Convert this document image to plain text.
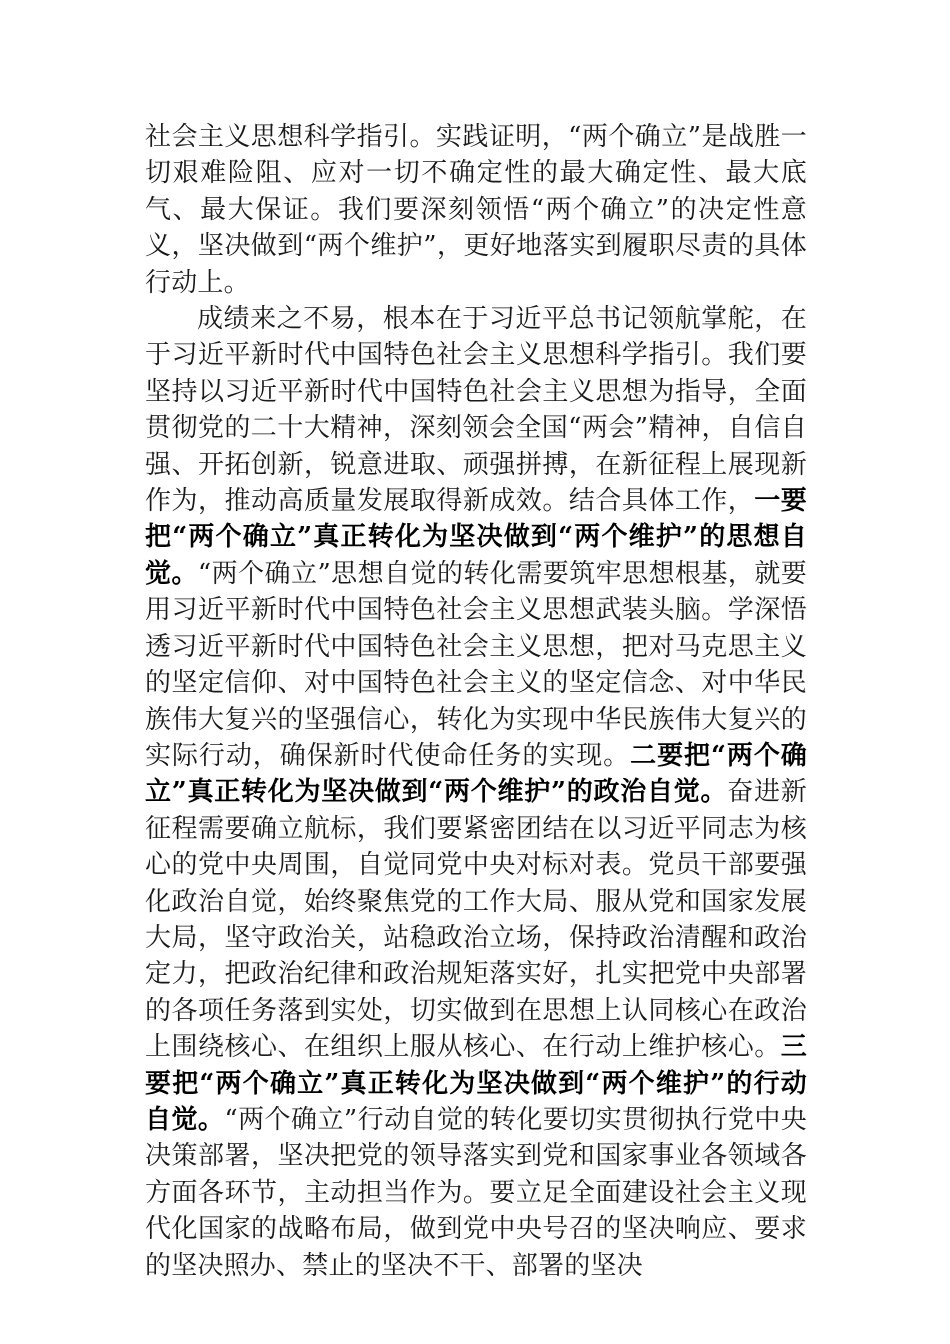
社会主义思想科学指引。实践证明，“两个确立”是战胜一切艰难险阻、应对一切不确定性的最大确定性、最大底气、最大保证。我们要深刻领悟“两个确立”的决定性意义，坚决做到“两个维护”，更好地落实到履职尽责的具体行动上。

成绩来之不易，根本在于习近平总书记领航掌舵，在于习近平新时代中国特色社会主义思想科学指引。我们要坚持以习近平新时代中国特色社会主义思想为指导，全面贯彻党的二十大精神，深刻领会全国“两会”精神，自信自强、开拓创新，锐意进取、顽强拼搏，在新征程上展现新作为，推动高质量发展取得新成效。结合具体工作，一要把“两个确立”真正转化为坚决做到“两个维护”的思想自觉。“两个确立”思想自觉的转化需要筑牢思想根基，就要用习近平新时代中国特色社会主义思想武装头脑。学深悟透习近平新时代中国特色社会主义思想，把对马克思主义的坚定信仰、对中国特色社会主义的坚定信念、对中华民族伟大复兴的坚强信心，转化为实现中华民族伟大复兴的实际行动，确保新时代使命任务的实现。二要把“两个确立”真正转化为坚决做到“两个维护”的政治自觉。奋进新征程需要确立航标，我们要紧密团结在以习近平同志为核心的党中央周围，自觉同党中央对标对表。党员干部要强化政治自觉，始终聚焦党的工作大局、服从党和国家发展大局，坚守政治关，站稳政治立场，保持政治清醒和政治定力，把政治纪律和政治规矩落实好，扎实把党中央部署的各项任务落到实处，切实做到在思想上认同核心在政治上围绕核心、在组织上服从核心、在行动上维护核心。三要把“两个确立”真正转化为坚决做到“两个维护”的行动自觉。“两个确立”行动自觉的转化要切实贯彻执行党中央决策部署，坚决把党的领导落实到党和国家事业各领域各方面各环节，主动担当作为。要立足全面建设社会主义现代化国家的战略布局，做到党中央号召的坚决响应、要求的坚决照办、禁止的坚决不干、部署的坚决
